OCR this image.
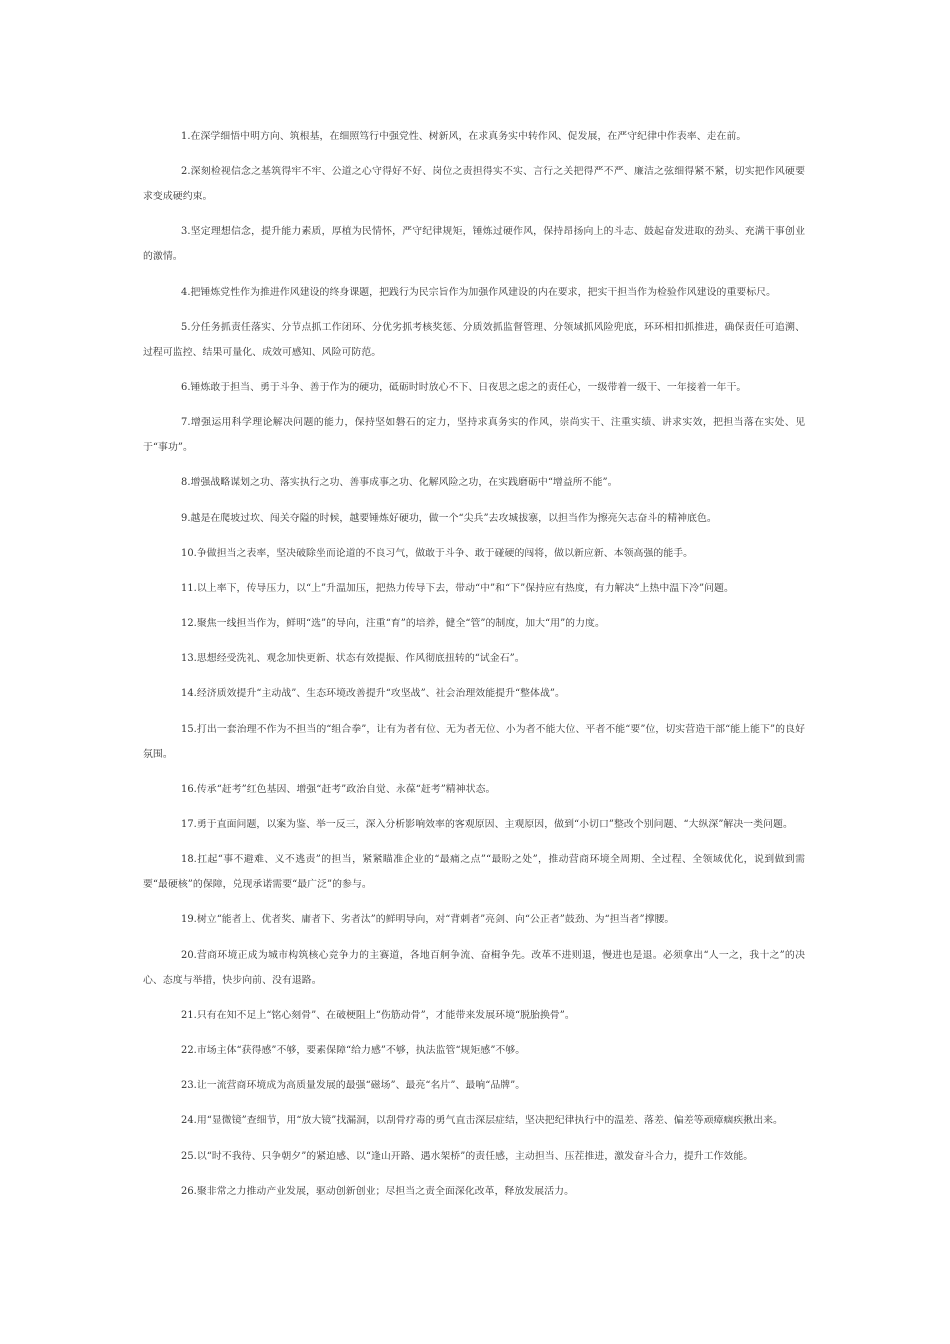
1.在深学细悟中明方向、筑根基，在细照笃行中强党性、树新风，在求真务实中转作风、促发展，在严守纪律中作表率、走在前。

2.深刻检视信念之基筑得牢不牢、公道之心守得好不好、岗位之责担得实不实、言行之关把得严不严、廉洁之弦细得紧不紧，切实把作风硬要求变成硬约束。

3.坚定理想信念，提升能力素质，厚植为民情怀，严守纪律规矩，锤炼过硬作风，保持昂扬向上的斗志、鼓起奋发进取的劲头、充满干事创业的激情。

4.把锤炼党性作为推进作风建设的终身课题，把践行为民宗旨作为加强作风建设的内在要求，把实干担当作为检验作风建设的重要标尺。

5.分任务抓责任落实、分节点抓工作闭环、分优劣抓考核奖惩、分质效抓监督管理、分领域抓风险兜底，环环相扣抓推进，确保责任可追溯、过程可监控、结果可量化、成效可感知、风险可防范。

6.锤炼敢于担当、勇于斗争、善于作为的硬功，砥砺时时放心不下、日夜思之虑之的责任心，一级带着一级干、一年接着一年干。

7.增强运用科学理论解决问题的能力，保持坚如磐石的定力，坚持求真务实的作风，崇尚实干、注重实绩、讲求实效，把担当落在实处、见于“事功”。

8.增强战略谋划之功、落实执行之功、善事成事之功、化解风险之功，在实践磨砺中“增益所不能”。

9.越是在爬坡过坎、闯关夺隘的时候，越要锤炼好硬功，做一个“尖兵”去攻城拔寨，以担当作为擦亮矢志奋斗的精神底色。

10.争做担当之表率，坚决破除坐而论道的不良习气，做敢于斗争、敢于碰硬的闯将，做以新应新、本领高强的能手。

11.以上率下，传导压力，以“上”升温加压，把热力传导下去，带动“中”和“下”保持应有热度，有力解决“上热中温下冷”问题。

12.聚焦一线担当作为，鲜明“选”的导向，注重“育”的培养，健全“管”的制度，加大“用”的力度。

13.思想经受洗礼、观念加快更新、状态有效提振、作风彻底扭转的“试金石”。

14.经济质效提升“主动战”、生态环境改善提升“攻坚战”、社会治理效能提升“整体战”。

15.打出一套治理不作为不担当的“组合拳”，让有为者有位、无为者无位、小为者不能大位、平者不能“要”位，切实营造干部“能上能下”的良好氛围。

16.传承“赶考”红色基因、增强“赶考”政治自觉、永葆“赶考”精神状态。

17.勇于直面问题，以案为鉴、举一反三，深入分析影响效率的客观原因、主观原因，做到“小切口”整改个别问题、“大纵深”解决一类问题。

18.扛起“事不避难、义不逃责”的担当，紧紧瞄准企业的“最痛之点”“最盼之处”，推动营商环境全周期、全过程、全领域优化，说到做到需要“最硬核”的保障，兑现承诺需要“最广泛”的参与。

19.树立“能者上、优者奖、庸者下、劣者汰”的鲜明导向，对“背刺者”亮剑、向“公正者”鼓劲、为“担当者”撑腰。

20.营商环境正成为城市构筑核心竞争力的主赛道，各地百舸争流、奋楫争先。改革不进则退，慢进也是退。必须拿出“人一之，我十之”的决心、态度与举措，快步向前、没有退路。

21.只有在知不足上“铭心刻骨”、在破梗阻上“伤筋动骨”，才能带来发展环境“脱胎换骨”。

22.市场主体“获得感”不够，要素保障“给力感”不够，执法监管“规矩感”不够。

23.让一流营商环境成为高质量发展的最强“磁场”、最亮“名片”、最响“品牌”。

24.用“显微镜”查细节，用“放大镜”找漏洞，以刮骨疗毒的勇气直击深层症结，坚决把纪律执行中的温差、落差、偏差等顽瘴痼疾揪出来。

25.以“时不我待、只争朝夕”的紧迫感、以“逢山开路、遇水架桥”的责任感，主动担当、压茬推进，激发奋斗合力，提升工作效能。

26.聚非常之力推动产业发展，驱动创新创业；尽担当之责全面深化改革，释放发展活力。
